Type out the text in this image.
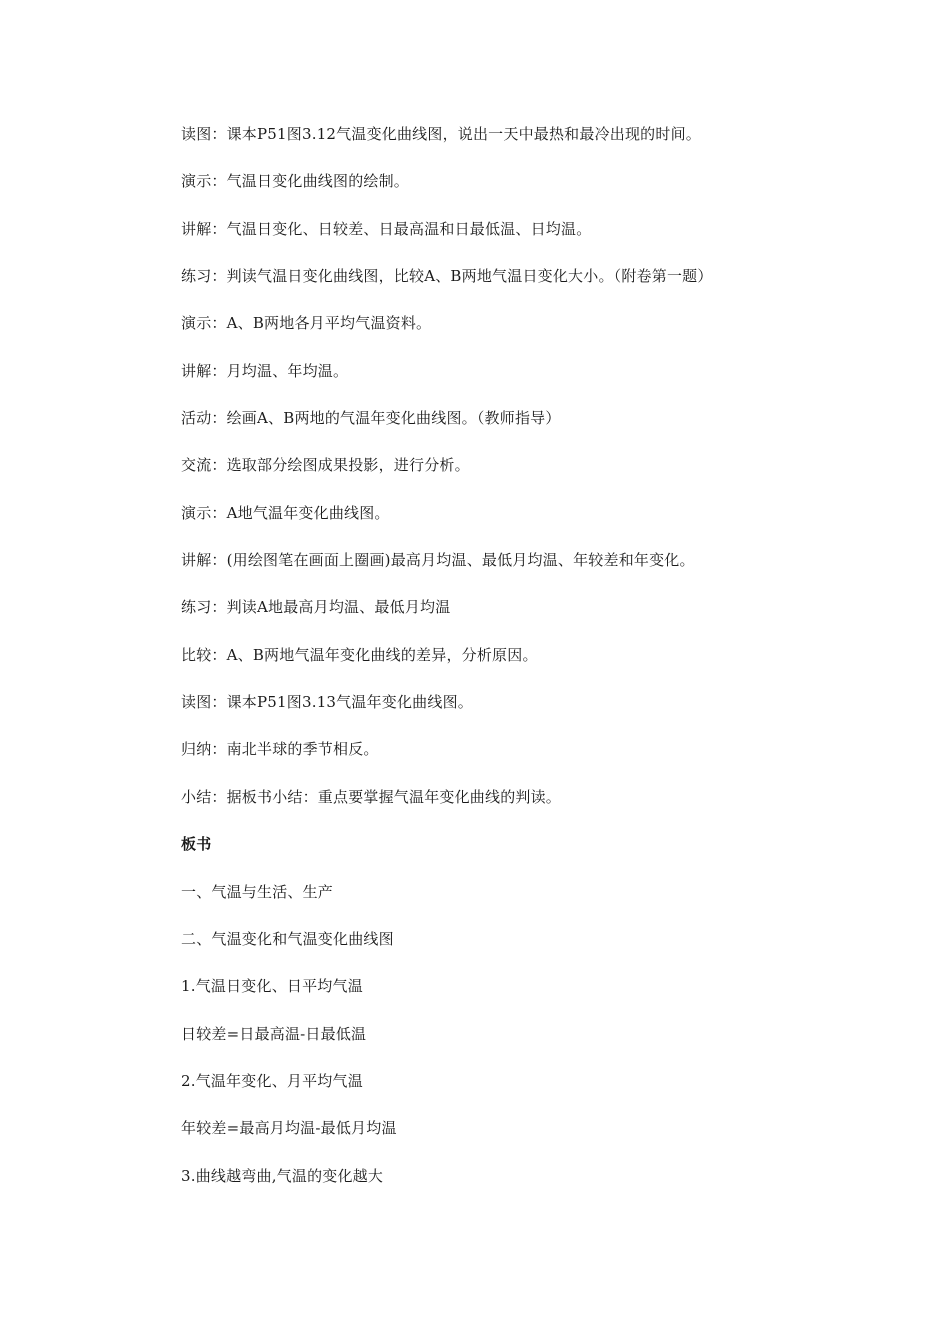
读图：课本P51图3.12气温变化曲线图，说出一天中最热和最冷出现的时间。
演示：气温日变化曲线图的绘制。
讲解：气温日变化、日较差、日最高温和日最低温、日均温。
练习：判读气温日变化曲线图，比较A、B两地气温日变化大小。（附卷第一题）
演示：A、B两地各月平均气温资料。
讲解：月均温、年均温。
活动：绘画A、B两地的气温年变化曲线图。（教师指导）
交流：选取部分绘图成果投影，进行分析。
演示：A地气温年变化曲线图。
讲解：(用绘图笔在画面上圈画)最高月均温、最低月均温、年较差和年变化。
练习：判读A地最高月均温、最低月均温
比较：A、B两地气温年变化曲线的差异，分析原因。
读图：课本P51图3.13气温年变化曲线图。
归纳：南北半球的季节相反。
小结：据板书小结：重点要掌握气温年变化曲线的判读。
板书
一、气温与生活、生产
二、气温变化和气温变化曲线图
1.气温日变化、日平均气温
日较差=日最高温-日最低温
2.气温年变化、月平均气温
年较差=最高月均温-最低月均温
3.曲线越弯曲,气温的变化越大
